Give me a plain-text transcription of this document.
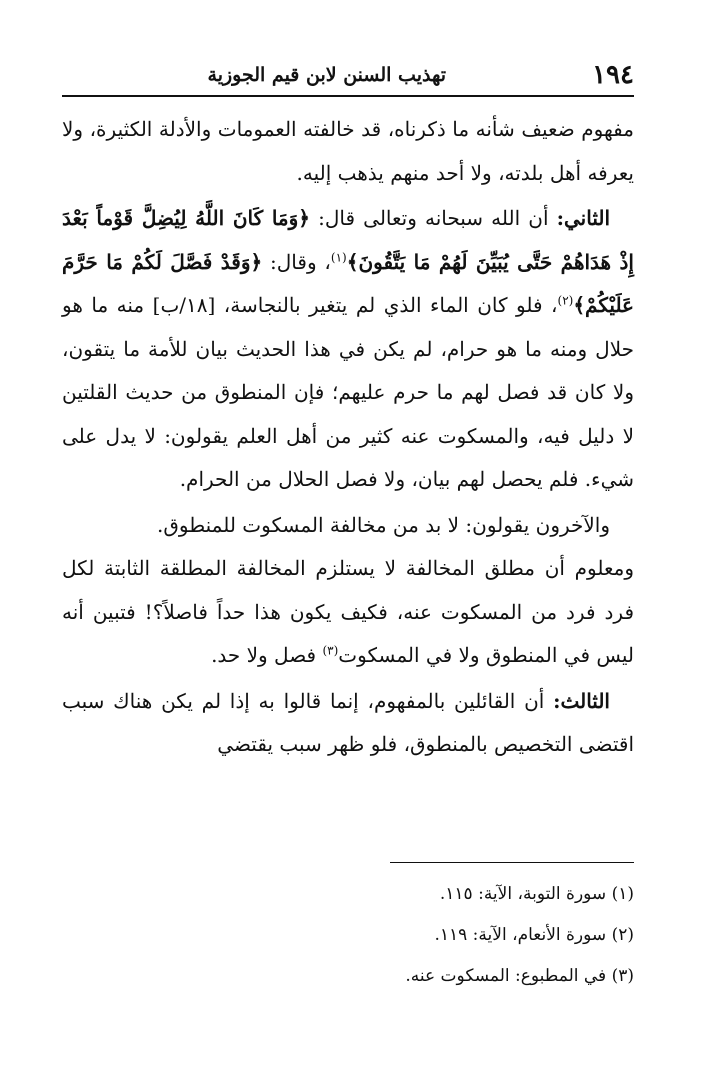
١٩٤
تهذيب السنن لابن قيم الجوزية

مفهوم ضعيف شأنه ما ذكرناه، قد خالفته العمومات والأدلة الكثيرة، ولا يعرفه أهل بلدته، ولا أحد منهم يذهب إليه.

الثاني: أن الله سبحانه وتعالى قال: ﴿وَمَا كَانَ اللَّهُ لِيُضِلَّ قَوْماً بَعْدَ إِذْ هَدَاهُمْ حَتَّى يُبَيِّنَ لَهُمْ مَا يَتَّقُونَ﴾$^{(١)}$، وقال: ﴿وَقَدْ فَصَّلَ لَكُمْ مَا حَرَّمَ عَلَيْكُمْ﴾$^{(٢)}$، فلو كان الماء الذي لم يتغير بالنجاسة، [١٨/ب] منه ما هو حلال ومنه ما هو حرام، لم يكن في هذا الحديث بيان للأمة ما يتقون، ولا كان قد فصل لهم ما حرم عليهم؛ فإن المنطوق من حديث القلتين لا دليل فيه، والمسكوت عنه كثير من أهل العلم يقولون: لا يدل على شيء. فلم يحصل لهم بيان، ولا فصل الحلال من الحرام.

والآخرون يقولون: لا بد من مخالفة المسكوت للمنطوق.

ومعلوم أن مطلق المخالفة لا يستلزم المخالفة المطلقة الثابتة لكل فرد فرد من المسكوت عنه، فكيف يكون هذا حداً فاصلاً؟! فتبين أنه ليس في المنطوق ولا في المسكوت$^{(٣)}$ فصل ولا حد.

الثالث: أن القائلين بالمفهوم، إنما قالوا به إذا لم يكن هناك سبب اقتضى التخصيص بالمنطوق، فلو ظهر سبب يقتضي

(١) سورة التوبة، الآية: ١١٥.

(٢) سورة الأنعام، الآية: ١١٩.

(٣) في المطبوع: المسكوت عنه.
